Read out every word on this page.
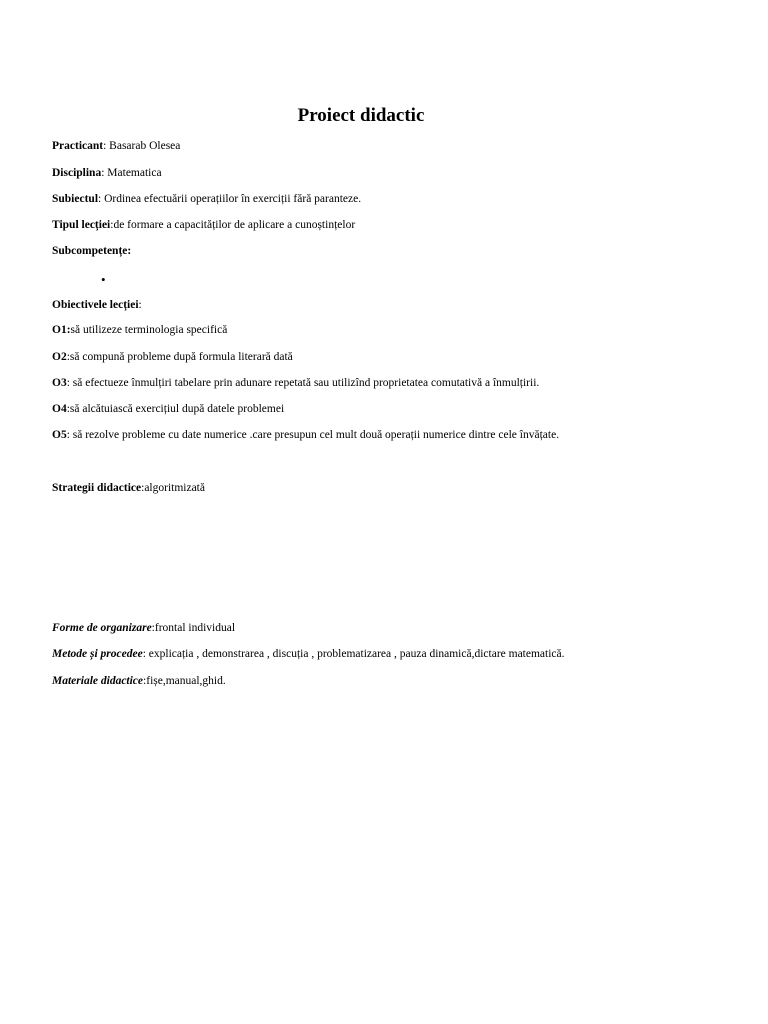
Proiect didactic
Practicant: Basarab Olesea
Disciplina: Matematica
Subiectul: Ordinea efectuării operațiilor în exerciții fără paranteze.
Tipul lecției:de formare a capacităților de aplicare a cunoștințelor
Subcompetențe:
•
Obiectivele lecției:
O1:să utilizeze terminologia specifică
O2:să compună probleme după formula literară dată
O3: să efectueze înmulțiri tabelare prin adunare repetată sau utilizînd proprietatea comutativă a înmulțirii.
O4:să alcătuiască exercițiul după datele problemei
O5: să rezolve probleme cu date numerice .care presupun cel mult două operații numerice dintre cele învățate.
Strategii didactice:algoritmizată
Forme de organizare:frontal individual
Metode și procedee: explicația , demonstrarea , discuția , problematizarea , pauza dinamică,dictare matematică.
Materiale didactice:fișe,manual,ghid.
